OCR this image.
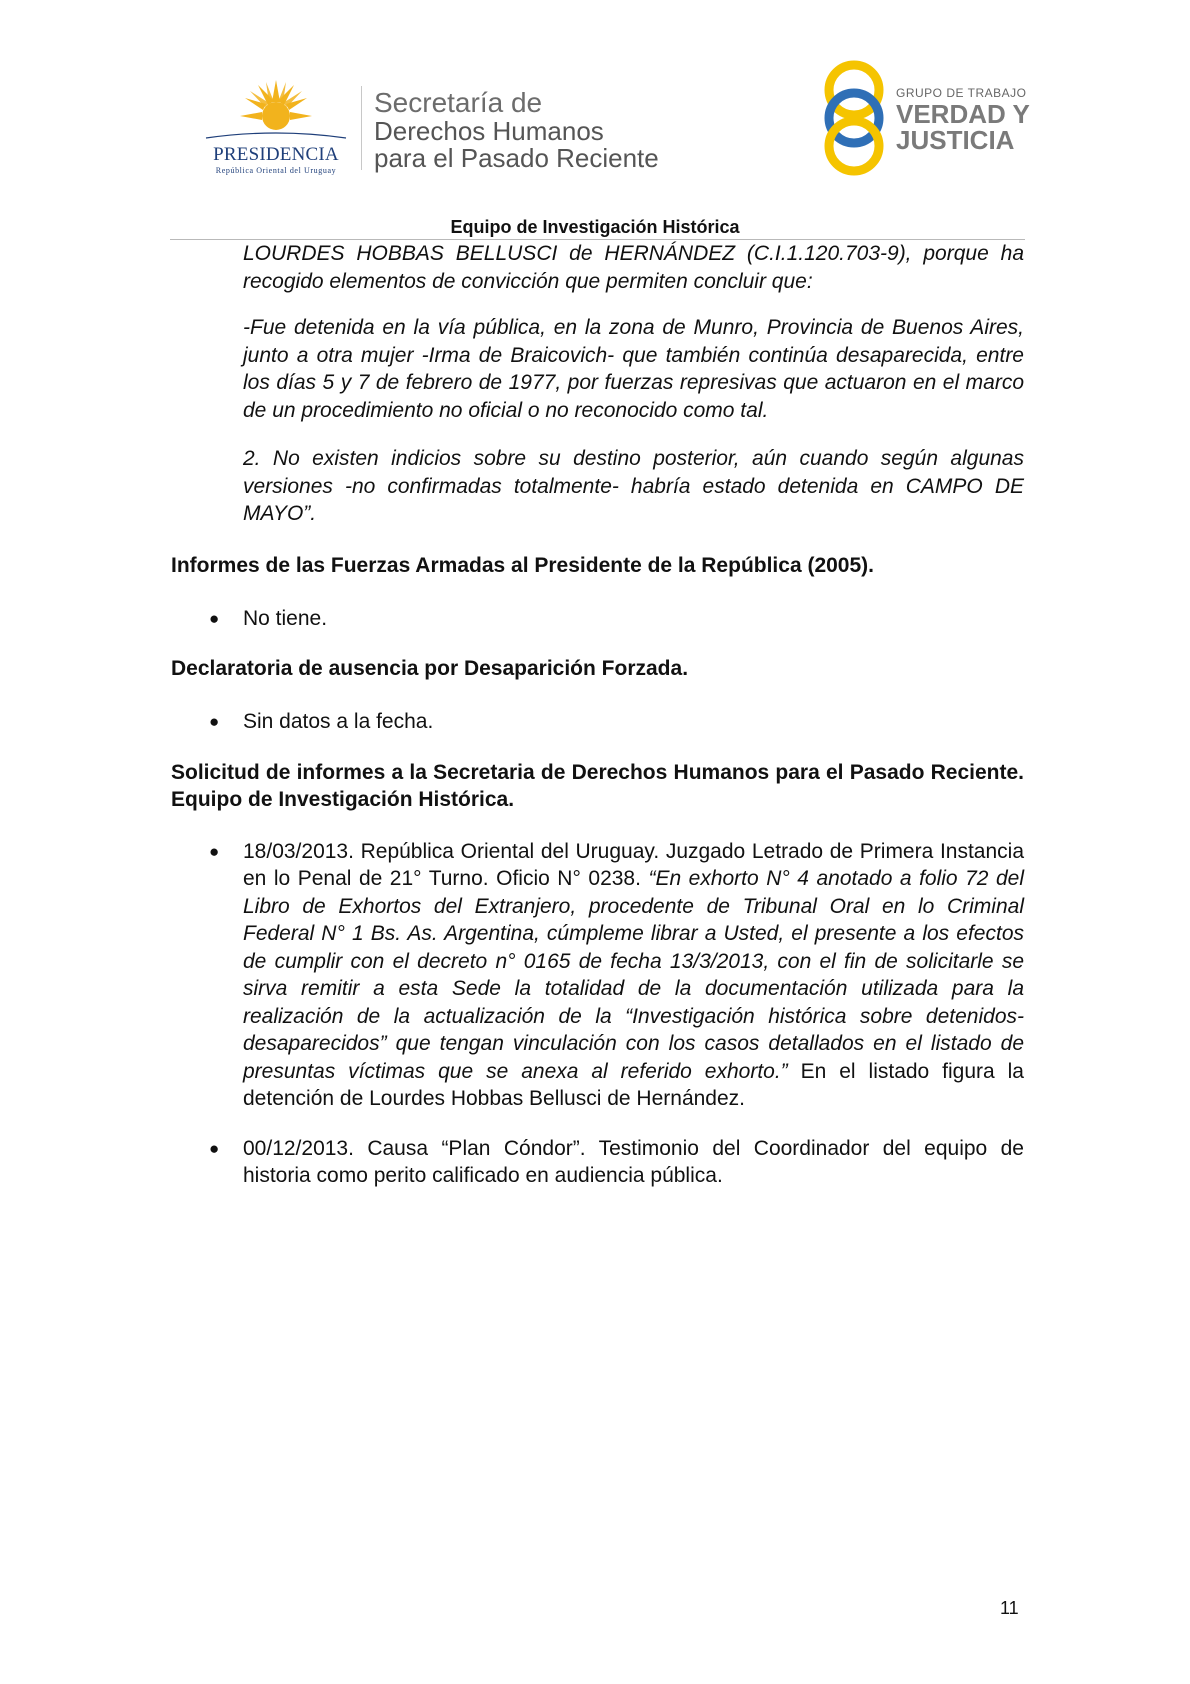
PRESIDENCIA
República Oriental del Uruguay
Secretaría de
Derechos Humanos
para el Pasado Reciente
GRUPO DE TRABAJO
VERDAD Y
JUSTICIA
Equipo de Investigación Histórica

LOURDES HOBBAS BELLUSCI de HERNÁNDEZ (C.I.1.120.703-9), porque ha recogido elementos de convicción que permiten concluir que:

-Fue detenida en la vía pública, en la zona de Munro, Provincia de Buenos Aires, junto a otra mujer -Irma de Braicovich- que también continúa desaparecida, entre los días 5 y 7 de febrero de 1977, por fuerzas represivas que actuaron en el marco de un procedimiento no oficial o no reconocido como tal.

2. No existen indicios sobre su destino posterior, aún cuando según algunas versiones -no confirmadas totalmente- habría estado detenida en CAMPO DE MAYO”.

Informes de las Fuerzas Armadas al Presidente de la República (2005).

● No tiene.

Declaratoria de ausencia por Desaparición Forzada.

● Sin datos a la fecha.

Solicitud de informes a la Secretaria de Derechos Humanos para el Pasado Reciente. Equipo de Investigación Histórica.

● 18/03/2013. República Oriental del Uruguay. Juzgado Letrado de Primera Instancia en lo Penal de 21° Turno. Oficio N° 0238. “En exhorto N° 4 anotado a folio 72 del Libro de Exhortos del Extranjero, procedente de Tribunal Oral en lo Criminal Federal N° 1 Bs. As. Argentina, cúmpleme librar a Usted, el presente a los efectos de cumplir con el decreto n° 0165 de fecha 13/3/2013, con el fin de solicitarle se sirva remitir a esta Sede la totalidad de la documentación utilizada para la realización de la actualización de la “Investigación histórica sobre detenidos- desaparecidos” que tengan vinculación con los casos detallados en el listado de presuntas víctimas que se anexa al referido exhorto.” En el listado figura la detención de Lourdes Hobbas Bellusci de Hernández.
● 00/12/2013. Causa “Plan Cóndor”. Testimonio del Coordinador del equipo de historia como perito calificado en audiencia pública.
11
